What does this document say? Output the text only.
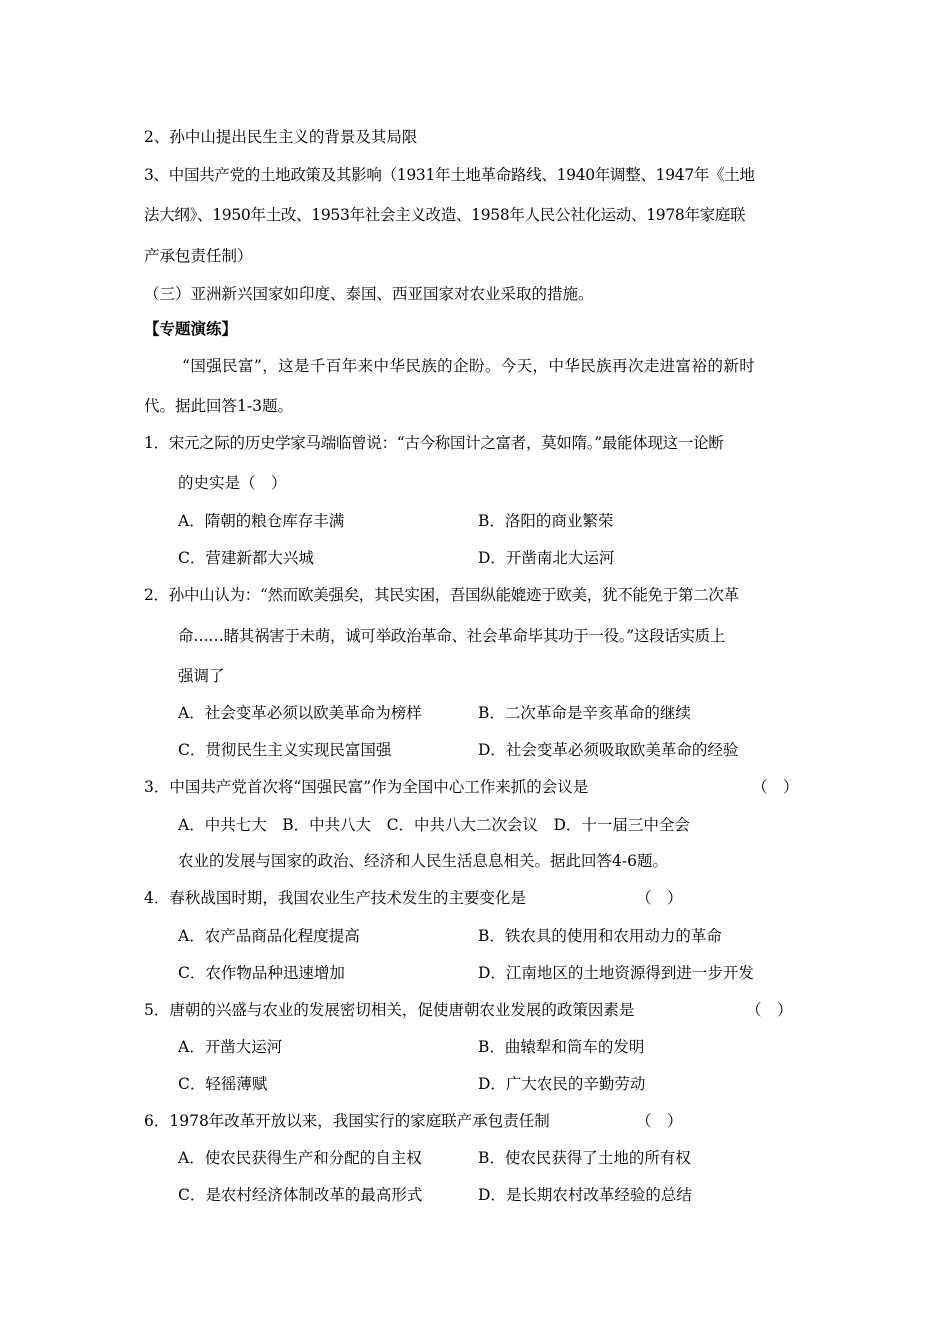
2、孙中山提出民生主义的背景及其局限
3、中国共产党的土地政策及其影响（1931年土地革命路线、1940年调整、1947年《土地
法大纲》、1950年土改、1953年社会主义改造、1958年人民公社化运动、1978年家庭联
产承包责任制）
（三）亚洲新兴国家如印度、泰国、西亚国家对农业采取的措施。
【专题演练】
“国强民富”，这是千百年来中华民族的企盼。今天，中华民族再次走进富裕的新时
代。据此回答1-3题。
1．宋元之际的历史学家马端临曾说：“古今称国计之富者，莫如隋。”最能体现这一论断
的史实是（　）
A．隋朝的粮仓库存丰满	B．洛阳的商业繁荣
C．营建新都大兴城	D．开凿南北大运河
2．孙中山认为：“然而欧美强矣，其民实困，吾国纵能媲迹于欧美，犹不能免于第二次革
命……睹其祸害于未萌，诚可举政治革命、社会革命毕其功于一役。”这段话实质上
强调了
A．社会变革必须以欧美革命为榜样	B．二次革命是辛亥革命的继续
C．贯彻民生主义实现民富国强	D．社会变革必须吸取欧美革命的经验
3．中国共产党首次将“国强民富”作为全国中心工作来抓的会议是	（　）
A．中共七大　B．中共八大　C．中共八大二次会议　D．十一届三中全会
农业的发展与国家的政治、经济和人民生活息息相关。据此回答4-6题。
4．春秋战国时期，我国农业生产技术发生的主要变化是	（　）
A．农产品商品化程度提高	B．铁农具的使用和农用动力的革命
C．农作物品种迅速增加	D．江南地区的土地资源得到进一步开发
5．唐朝的兴盛与农业的发展密切相关，促使唐朝农业发展的政策因素是	（　）
A．开凿大运河	B．曲辕犁和筒车的发明
C．轻徭薄赋	D．广大农民的辛勤劳动
6．1978年改革开放以来，我国实行的家庭联产承包责任制	（　）
A．使农民获得生产和分配的自主权	B．使农民获得了土地的所有权
C．是农村经济体制改革的最高形式	D．是长期农村改革经验的总结
